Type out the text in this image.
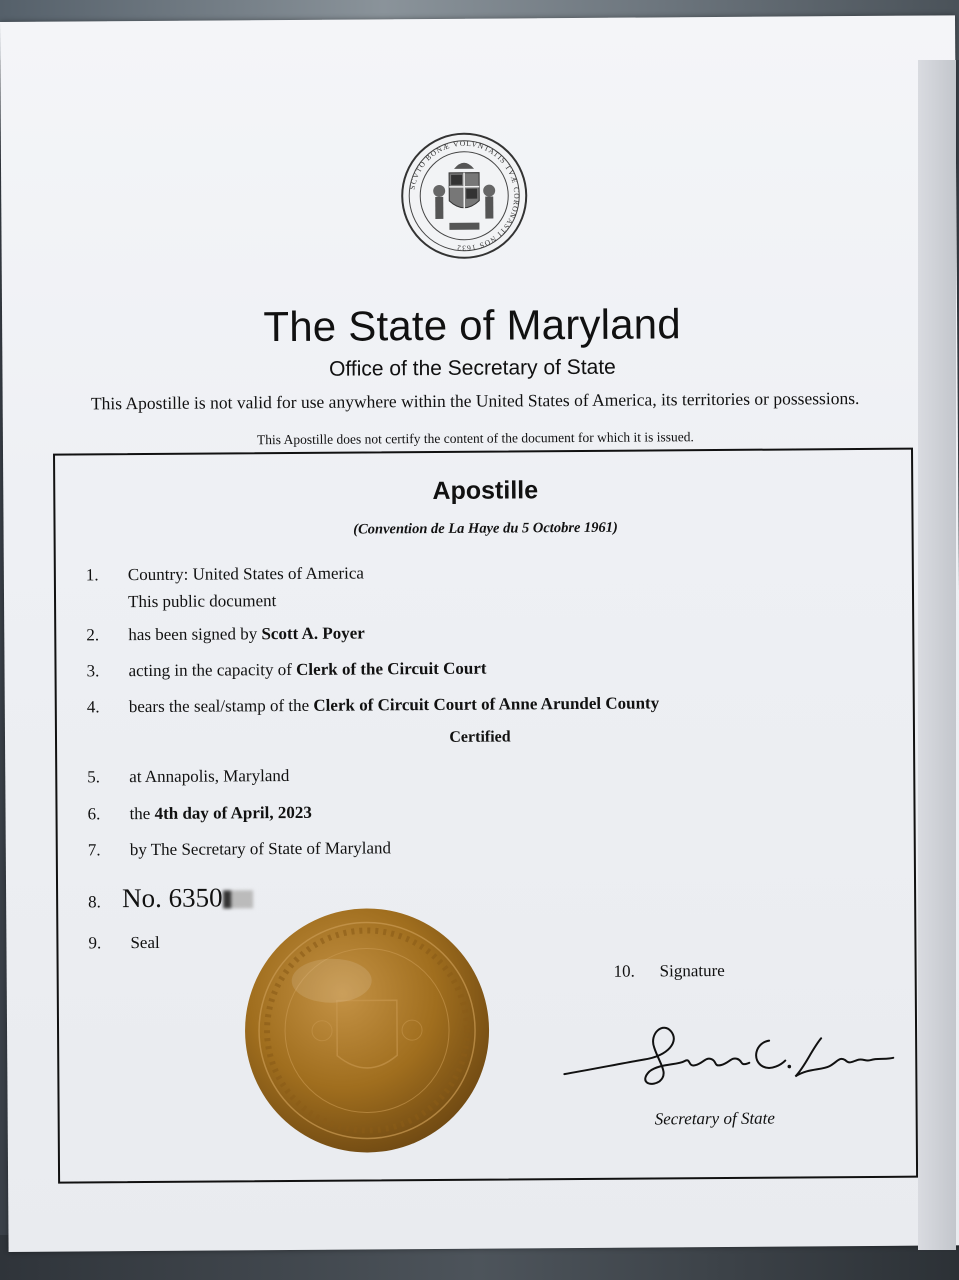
SCVTO BONÆ VOLVNTATIS TVÆ CORONASTI NOS 1632
The State of Maryland
Office of the Secretary of State
This Apostille is not valid for use anywhere within the United States of America, its territories or possessions.
This Apostille does not certify the content of the document for which it is issued.
Apostille
(Convention de La Haye du 5 Octobre 1961)
1. Country: United States of America
This public document
2. has been signed by Scott A. Poyer
3. acting in the capacity of Clerk of the Circuit Court
4. bears the seal/stamp of the Clerk of Circuit Court of Anne Arundel County
Certified
5. at Annapolis, Maryland
6. the 4th day of April, 2023
7. by The Secretary of State of Maryland
8. No. 6350
9. Seal
10. Signature
Secretary of State
